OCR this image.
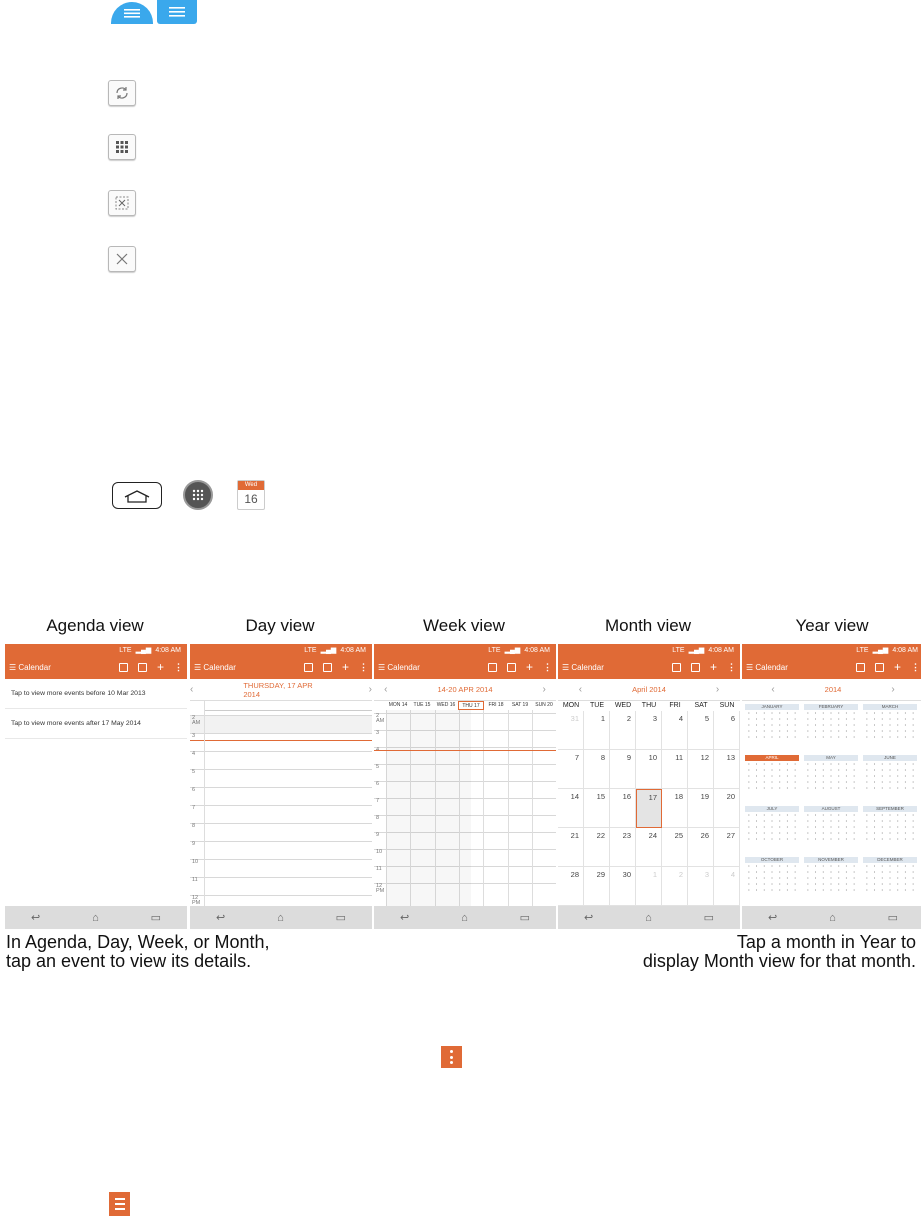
Wed
16
Agenda view	Day view	Week view	Month view	Year view
LTE ▂▄▆ 4:08 AM
☰ Calendar	+ ⋮
Tap to view more events before 10 Mar 2013
Tap to view more events after 17 May 2014
↩	⌂	▭
LTE ▂▄▆ 4:08 AM
☰ Calendar	+ ⋮
‹	THURSDAY, 17 APR 2014	›
2
AM
3
4
5
6
7
8
9
10
11
12
PM
↩	⌂	▭
LTE ▂▄▆ 4:08 AM
☰ Calendar	+ ⋮
‹	14-20 APR 2014	›
MON 14	TUE 15	WED 16	THU 17	FRI 18	SAT 19	SUN 20
2
AM
3
5
6
7
8
9
10
11
12
PM
↩	⌂	▭
LTE ▂▄▆ 4:08 AM
☰ Calendar	+ ⋮
‹	April 2014	›
MON	TUE	WED	THU	FRI	SAT	SUN
31	1	2	3	4	5	6
7	8	9	10	11	12	13
14	15	16	17	18	19	20
21	22	23	24	25	26	27
28	29	30	1	2	3	4
↩	⌂	▭
LTE ▂▄▆ 4:08 AM
☰ Calendar	+ ⋮
‹	2014	›
JANUARY
•	•	•	•	•	•	•
•	•	•	•	•	•	•
•	•	•	•	•	•	•
•	•	•	•	•	•	•
•	•	•	•	•	•	•
FEBRUARY
•	•	•	•	•	•	•
•	•	•	•	•	•	•
•	•	•	•	•	•	•
•	•	•	•	•	•	•
•	•	•	•	•	•	•
MARCH
•	•	•	•	•	•	•
•	•	•	•	•	•	•
•	•	•	•	•	•	•
•	•	•	•	•	•	•
•	•	•	•	•	•	•
APRIL
•	•	•	•	•	•	•
•	•	•	•	•	•	•
•	•	•	•	•	•	•
•	•	•	•	•	•	•
•	•	•	•	•	•	•
MAY
•	•	•	•	•	•	•
•	•	•	•	•	•	•
•	•	•	•	•	•	•
•	•	•	•	•	•	•
•	•	•	•	•	•	•
JUNE
•	•	•	•	•	•	•
•	•	•	•	•	•	•
•	•	•	•	•	•	•
•	•	•	•	•	•	•
•	•	•	•	•	•	•
JULY
•	•	•	•	•	•	•
•	•	•	•	•	•	•
•	•	•	•	•	•	•
•	•	•	•	•	•	•
•	•	•	•	•	•	•
AUGUST
•	•	•	•	•	•	•
•	•	•	•	•	•	•
•	•	•	•	•	•	•
•	•	•	•	•	•	•
•	•	•	•	•	•	•
SEPTEMBER
•	•	•	•	•	•	•
•	•	•	•	•	•	•
•	•	•	•	•	•	•
•	•	•	•	•	•	•
•	•	•	•	•	•	•
OCTOBER
•	•	•	•	•	•	•
•	•	•	•	•	•	•
•	•	•	•	•	•	•
•	•	•	•	•	•	•
•	•	•	•	•	•	•
NOVEMBER
•	•	•	•	•	•	•
•	•	•	•	•	•	•
•	•	•	•	•	•	•
•	•	•	•	•	•	•
•	•	•	•	•	•	•
DECEMBER
•	•	•	•	•	•	•
•	•	•	•	•	•	•
•	•	•	•	•	•	•
•	•	•	•	•	•	•
•	•	•	•	•	•	•
↩	⌂	▭
In Agenda, Day, Week, or Month,
tap an event to view its details.
Tap a month in Year to
display Month view for that month.
